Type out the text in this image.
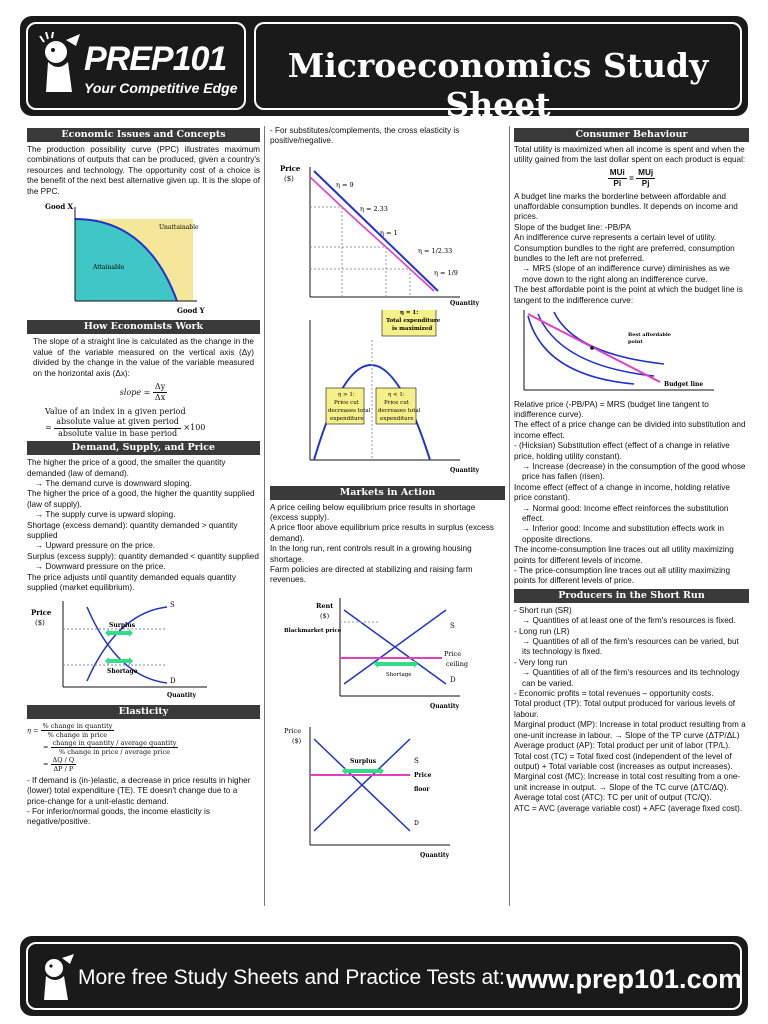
PREP101
Your Competitive Edge
Microeconomics Study Sheet
Economic Issues and Concepts
The production possibility curve (PPC) illustrates maximum combinations of outputs that can be produced, given a country's resources and technology. The opportunity cost of a choice is the benefit of the next best alternative given up. It is the slope of the PPC.
Good X
Good Y
Unattainable
Attainable
How Economists Work
The slope of a straight line is calculated as the change in the value of the variable measured on the vertical axis (Δy) divided by the change in the value of the variable measured on the horizontal axis (Δx):
slope = $\frac{\Delta y}{\Delta x}$
Value of an index in a given period
= $\frac{\text{absolute value at given period}}{\text{absolute value in base period}} \times 100$
Demand, Supply, and Price
The higher the price of a good, the smaller the quantity demanded (law of demand).
→ The demand curve is downward sloping.
The higher the price of a good, the higher the quantity supplied (law of supply).
→ The supply curve is upward sloping.
Shortage (excess demand): quantity demanded > quantity supplied
→ Upward pressure on the price.
Surplus (excess supply): quantity demanded < quantity supplied
→ Downward pressure on the price.
The price adjusts until quantity demanded equals quantity supplied (market equilibrium).
Price
($)
S
D
Surplus
Shortage
Quantity
Elasticity
$\eta = \frac{\text{\% change in quantity}}{\text{\% change in price}}$

= $\frac{\text{change in quantity / average quantity}}{\text{\% change in price / average price}}$

= $\frac{\Delta Q / Q}{\Delta P / P}$
- If demand is (in-)elastic, a decrease in price results in higher (lower) total expenditure (TE). TE doesn't change due to a price-change for a unit-elastic demand.
- For inferior/normal goods, the income elasticity is negative/positive.
- For substitutes/complements, the cross elasticity is positive/negative.
Price
($)
η = 9
η = 2.33
η = 1
η = 1/2.33
η = 1/9
Quantity

η = 1:
Total expenditure
is maximized
η > 1:
Price cut
decreases total
expenditure
η < 1:
Price cut
decreases total
expenditure
Quantity
Markets in Action
A price ceiling below equilibrium price results in shortage (excess supply).
A price floor above equilibrium price results in surplus (excess demand).
In the long run, rent controls result in a growing housing shortage.
Farm policies are directed at stabilizing and raising farm revenues.
Rent
($)
Blackmarket price
S
Price
ceiling
Shortage
D
Quantity

Price
($)
Surplus	S
Price
floor
D
Quantity
Consumer Behaviour
Total utility is maximized when all income is spent and when the utility gained from the last dollar spent on each product is equal:
$\frac{\text{MUi}}{Pi} = \frac{\text{MUj}}{Pj}$
A budget line marks the borderline between affordable and unaffordable consumption bundles. It depends on income and prices.
Slope of the budget line: -PB/PA
An indifference curve represents a certain level of utility. Consumption bundles to the right are preferred, consumption bundles to the left are not preferred.
→ MRS (slope of an indifference curve) diminishes as we move down to the right along an indifference curve.
The best affordable point is the point at which the budget line is tangent to the indifference curve:
Best affordable
point
Budget line
Relative price (-PB/PA) = MRS (budget line tangent to indifference curve).
The effect of a price change can be divided into substitution and income effect.
- (Hicksian) Substitution effect (effect of a change in relative price, holding utility constant).
→ Increase (decrease) in the consumption of the good whose price has fallen (risen).
Income effect (effect of a change in income, holding relative price constant).
→ Normal good: Income effect reinforces the substitution effect.
→ Inferior good: Income and substitution effects work in opposite directions.
The income-consumption line traces out all utility maximizing points for different levels of income.
- The price-consumption line traces out all utility maximizing points for different levels of price.
Producers in the Short Run
- Short run (SR)
→ Quantities of at least one of the firm's resources is fixed.
- Long run (LR)
→ Quantities of all of the firm's resources can be varied, but its technology is fixed.
- Very long run
→ Quantities of all of the firm's resources and its technology can be varied.
- Economic profits = total revenues – opportunity costs.
Total product (TP): Total output produced for various levels of labour.
Marginal product (MP): Increase in total product resulting from a one-unit increase in labour. → Slope of the TP curve (ΔTP/ΔL)
Average product (AP): Total product per unit of labor (TP/L).
Total cost (TC) = Total fixed cost (independent of the level of output) + Total variable cost (increases as output increases).
Marginal cost (MC): Increase in total cost resulting from a one-unit increase in output. → Slope of the TC curve (ΔTC/ΔQ).
Average total cost (ATC): TC per unit of output (TC/Q).
ATC = AVC (average variable cost) + AFC (average fixed cost).
More free Study Sheets and Practice Tests at: www.prep101.com
